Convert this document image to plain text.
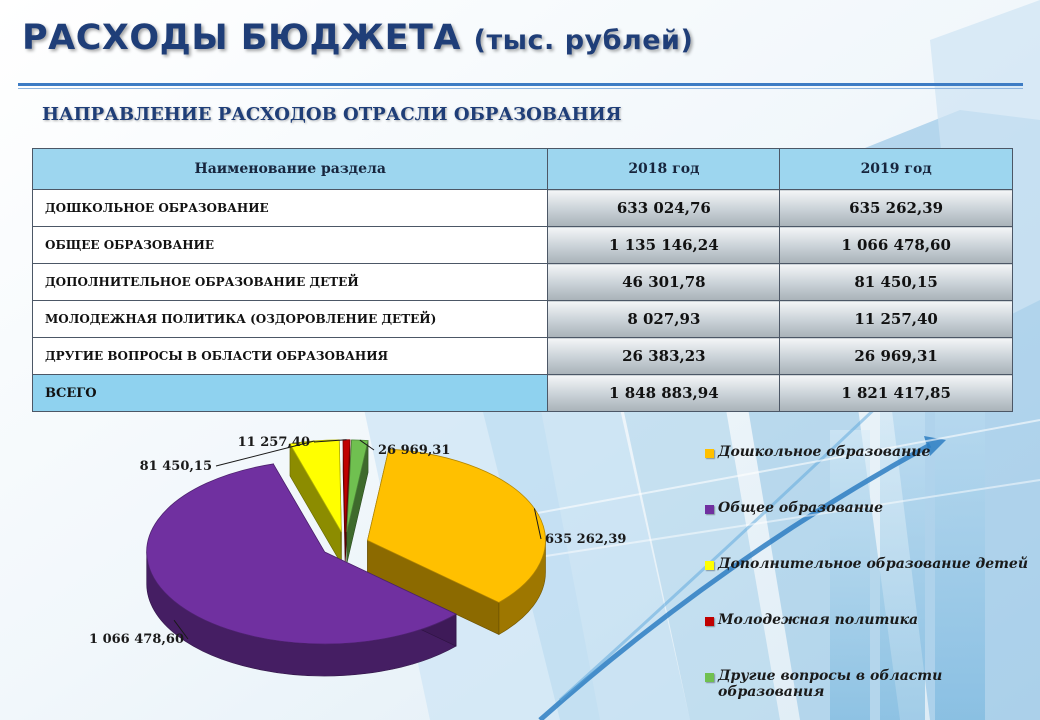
РАСХОДЫ БЮДЖЕТА (тыс. рублей)
НАПРАВЛЕНИЕ РАСХОДОВ ОТРАСЛИ ОБРАЗОВАНИЯ
Наименование раздела	2018 год	2019 год
ДОШКОЛЬНОЕ ОБРАЗОВАНИЕ	633 024,76	635 262,39
ОБЩЕЕ ОБРАЗОВАНИЕ	1 135 146,24	1 066 478,60
ДОПОЛНИТЕЛЬНОЕ ОБРАЗОВАНИЕ ДЕТЕЙ	46 301,78	81 450,15
МОЛОДЕЖНАЯ ПОЛИТИКА (ОЗДОРОВЛЕНИЕ ДЕТЕЙ)	8 027,93	11 257,40
ДРУГИЕ ВОПРОСЫ В ОБЛАСТИ ОБРАЗОВАНИЯ	26 383,23	26 969,31
ВСЕГО	1 848 883,94	1 821 417,85
635 262,39
1 066 478,60
81 450,15
11 257,40
26 969,31	Дошкольное образование
Общее образование
Дополнительное образование детей
Молодежная политика
Другие вопросы в области образования
